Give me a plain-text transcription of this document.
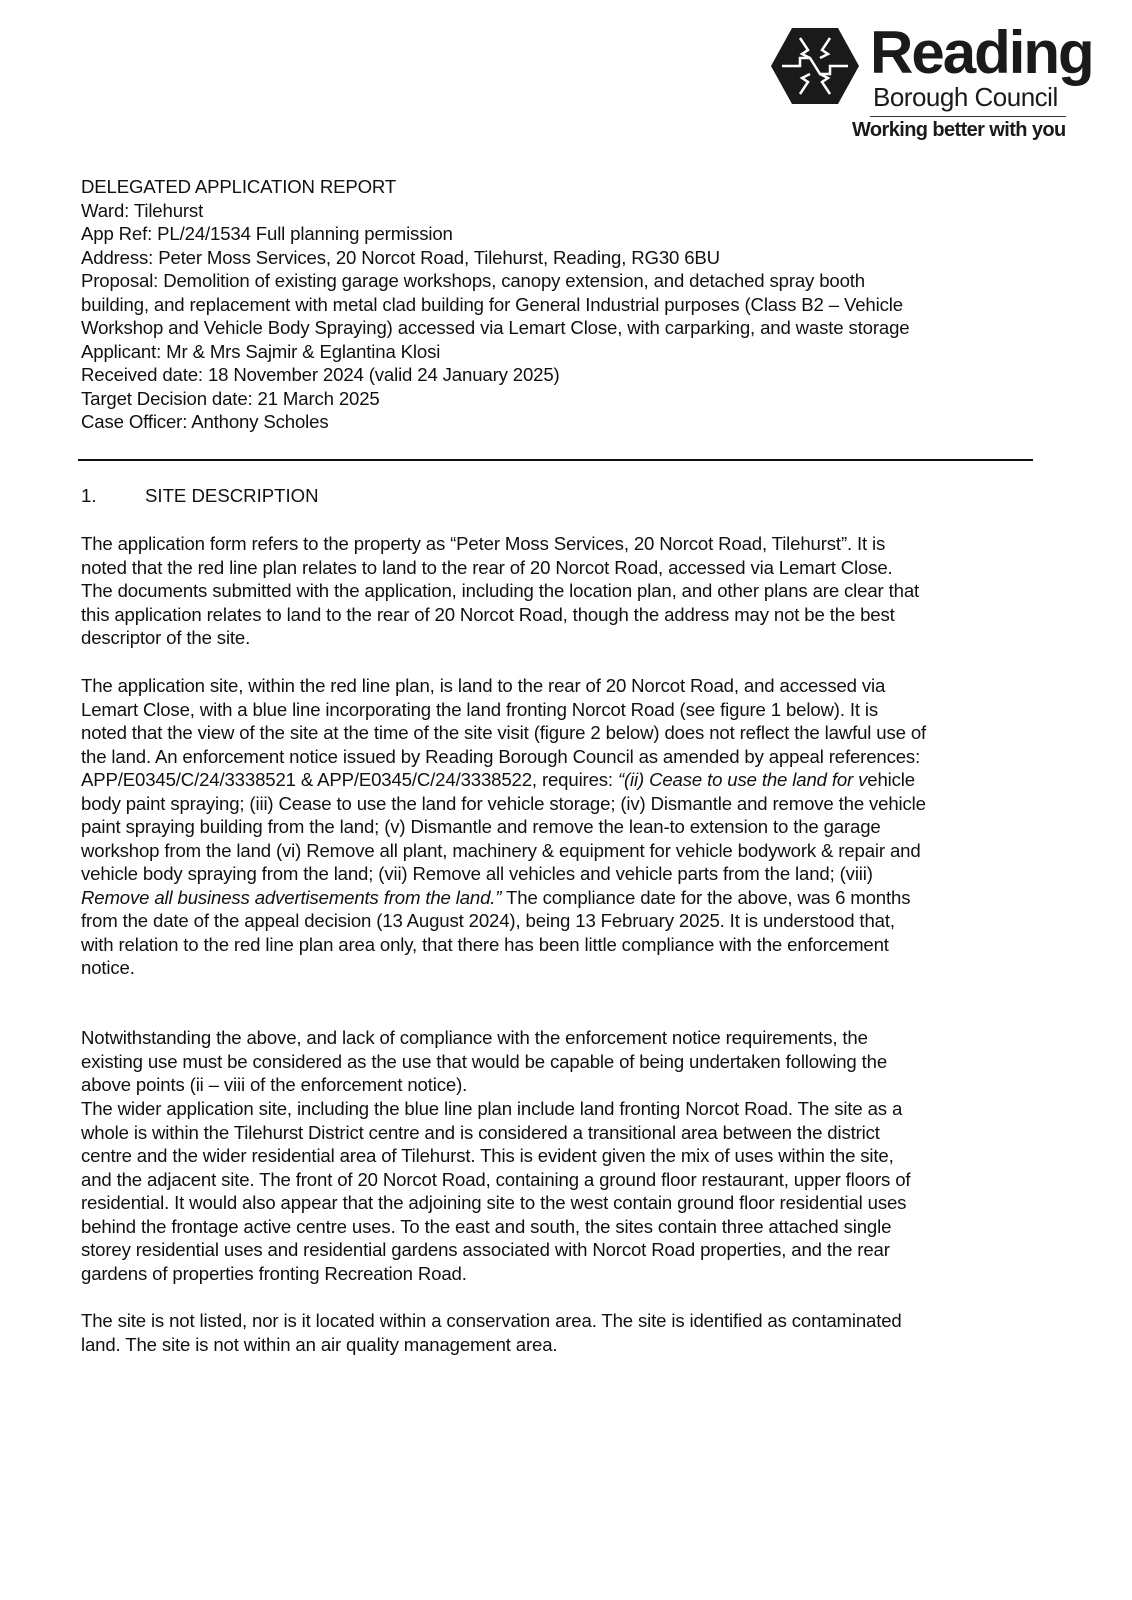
Reading
Borough Council
Working better with you
DELEGATED APPLICATION REPORT
Ward: Tilehurst
App Ref: PL/24/1534 Full planning permission
Address: Peter Moss Services, 20 Norcot Road, Tilehurst, Reading, RG30 6BU
Proposal: Demolition of existing garage workshops, canopy extension, and detached spray booth
building, and replacement with metal clad building for General Industrial purposes (Class B2 – Vehicle
Workshop and Vehicle Body Spraying) accessed via Lemart Close, with carparking, and waste storage
Applicant: Mr & Mrs Sajmir & Eglantina Klosi
Received date: 18 November 2024 (valid 24 January 2025)
Target Decision date: 21 March 2025
Case Officer: Anthony Scholes
1.	SITE DESCRIPTION
The application form refers to the property as “Peter Moss Services, 20 Norcot Road, Tilehurst”. It is
noted that the red line plan relates to land to the rear of 20 Norcot Road, accessed via Lemart Close.
The documents submitted with the application, including the location plan, and other plans are clear that
this application relates to land to the rear of 20 Norcot Road, though the address may not be the best
descriptor of the site.
The application site, within the red line plan, is land to the rear of 20 Norcot Road, and accessed via
Lemart Close, with a blue line incorporating the land fronting Norcot Road (see figure 1 below). It is
noted that the view of the site at the time of the site visit (figure 2 below) does not reflect the lawful use of
the land. An enforcement notice issued by Reading Borough Council as amended by appeal references:
APP/E0345/C/24/3338521 & APP/E0345/C/24/3338522, requires: “(ii) Cease to use the land for vehicle
body paint spraying; (iii) Cease to use the land for vehicle storage; (iv) Dismantle and remove the vehicle
paint spraying building from the land; (v) Dismantle and remove the lean-to extension to the garage
workshop from the land (vi) Remove all plant, machinery & equipment for vehicle bodywork & repair and
vehicle body spraying from the land; (vii) Remove all vehicles and vehicle parts from the land; (viii)
Remove all business advertisements from the land.” The compliance date for the above, was 6 months
from the date of the appeal decision (13 August 2024), being 13 February 2025. It is understood that,
with relation to the red line plan area only, that there has been little compliance with the enforcement
notice.
Notwithstanding the above, and lack of compliance with the enforcement notice requirements, the
existing use must be considered as the use that would be capable of being undertaken following the
above points (ii – viii of the enforcement notice).
The wider application site, including the blue line plan include land fronting Norcot Road. The site as a
whole is within the Tilehurst District centre and is considered a transitional area between the district
centre and the wider residential area of Tilehurst. This is evident given the mix of uses within the site,
and the adjacent site. The front of 20 Norcot Road, containing a ground floor restaurant, upper floors of
residential. It would also appear that the adjoining site to the west contain ground floor residential uses
behind the frontage active centre uses. To the east and south, the sites contain three attached single
storey residential uses and residential gardens associated with Norcot Road properties, and the rear
gardens of properties fronting Recreation Road.
The site is not listed, nor is it located within a conservation area. The site is identified as contaminated
land. The site is not within an air quality management area.
